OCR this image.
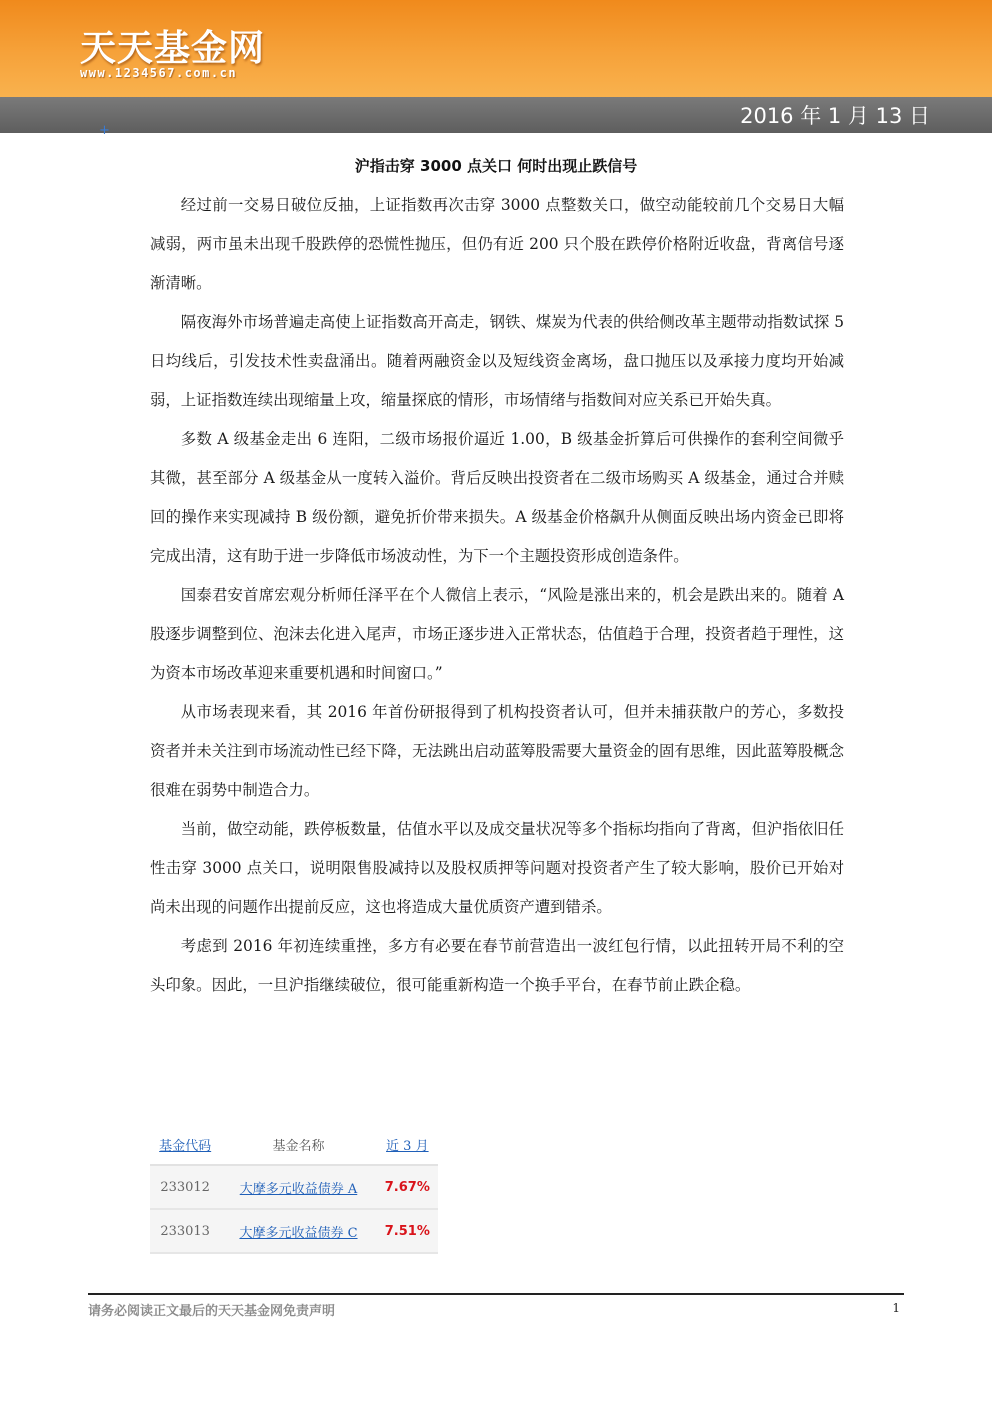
天天基金网
www.1234567.com.cn
2016 年 1 月 13 日
+
沪指击穿 3000 点关口 何时出现止跌信号

经过前一交易日破位反抽，上证指数再次击穿 3000 点整数关口，做空动能较前几个交易日大幅减弱，两市虽未出现千股跌停的恐慌性抛压，但仍有近 200 只个股在跌停价格附近收盘，背离信号逐渐清晰。

隔夜海外市场普遍走高使上证指数高开高走，钢铁、煤炭为代表的供给侧改革主题带动指数试探 5 日均线后，引发技术性卖盘涌出。随着两融资金以及短线资金离场，盘口抛压以及承接力度均开始减弱，上证指数连续出现缩量上攻，缩量探底的情形，市场情绪与指数间对应关系已开始失真。

多数 A 级基金走出 6 连阳，二级市场报价逼近 1.00，B 级基金折算后可供操作的套利空间微乎其微，甚至部分 A 级基金从一度转入溢价。背后反映出投资者在二级市场购买 A 级基金，通过合并赎回的操作来实现减持 B 级份额，避免折价带来损失。A 级基金价格飙升从侧面反映出场内资金已即将完成出清，这有助于进一步降低市场波动性，为下一个主题投资形成创造条件。

国泰君安首席宏观分析师任泽平在个人微信上表示，“风险是涨出来的，机会是跌出来的。随着 A 股逐步调整到位、泡沫去化进入尾声，市场正逐步进入正常状态，估值趋于合理，投资者趋于理性，这为资本市场改革迎来重要机遇和时间窗口。”

从市场表现来看，其 2016 年首份研报得到了机构投资者认可，但并未捕获散户的芳心，多数投资者并未关注到市场流动性已经下降，无法跳出启动蓝筹股需要大量资金的固有思维，因此蓝筹股概念很难在弱势中制造合力。

当前，做空动能，跌停板数量，估值水平以及成交量状况等多个指标均指向了背离，但沪指依旧任性击穿 3000 点关口，说明限售股减持以及股权质押等问题对投资者产生了较大影响，股价已开始对尚未出现的问题作出提前反应，这也将造成大量优质资产遭到错杀。

考虑到 2016 年初连续重挫，多方有必要在春节前营造出一波红包行情，以此扭转开局不利的空头印象。因此，一旦沪指继续破位，很可能重新构造一个换手平台，在春节前止跌企稳。

基金代码	基金名称	近 3 月
233012	大摩多元收益债券 A	7.67%
233013	大摩多元收益债券 C	7.51%
请务必阅读正文最后的天天基金网免责声明	1
